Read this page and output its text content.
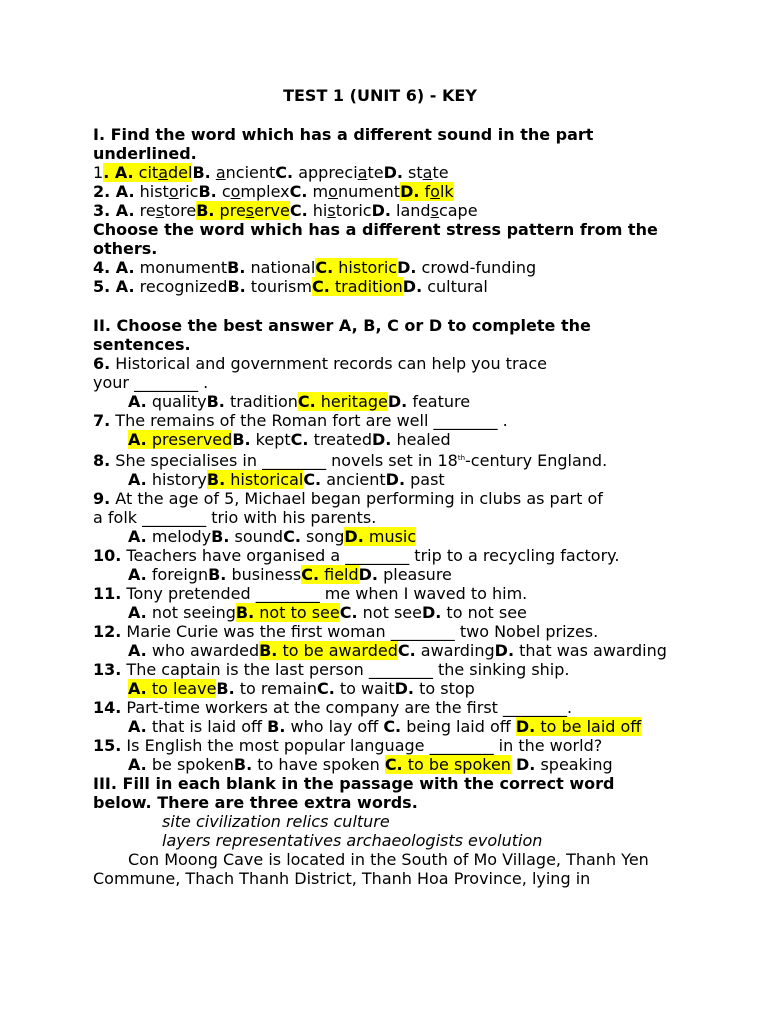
TEST 1 (UNIT 6) - KEY
I. Find the word which has a different sound in the part underlined.
1. A. citadelB. ancientC. appreciateD. state
2. A. historicB. complexC. monumentD. folk
3. A. restoreB. preserveC. historicD. landscape
Choose the word which has a different stress pattern from the others.
4. A. monumentB. nationalC. historicD. crowd-funding
5. A. recognizedB. tourismC. traditionD. cultural
II. Choose the best answer A, B, C or D to complete the sentences.
6. Historical and government records can help you trace
your ________ .
A. qualityB. traditionC. heritageD. feature
7. The remains of the Roman fort are well ________ .
A. preservedB. keptC. treatedD. healed
8. She specialises in ________ novels set in 18th-century England.
A. historyB. historicalC. ancientD. past
9. At the age of 5, Michael began performing in clubs as part of
a folk ________ trio with his parents.
A. melodyB. soundC. songD. music
10. Teachers have organised a ________ trip to a recycling factory.
A. foreignB. businessC. fieldD. pleasure
11. Tony pretended ________ me when I waved to him.
A. not seeingB. not to seeC. not seeD. to not see
12. Marie Curie was the first woman ________ two Nobel prizes.
A. who awardedB. to be awardedC. awardingD. that was awarding
13. The captain is the last person ________ the sinking ship.
A. to leaveB. to remainC. to waitD. to stop
14. Part-time workers at the company are the first ________.
A. that is laid off B. who lay off C. being laid off D. to be laid off
15. Is English the most popular language ________ in the world?
A. be spokenB. to have spoken C. to be spoken D. speaking
III. Fill in each blank in the passage with the correct word below. There are three extra words.
site civilization relics culture
layers representatives archaeologists evolution
Con Moong Cave is located in the South of Mo Village, Thanh Yen Commune, Thach Thanh District, Thanh Hoa Province, lying in
